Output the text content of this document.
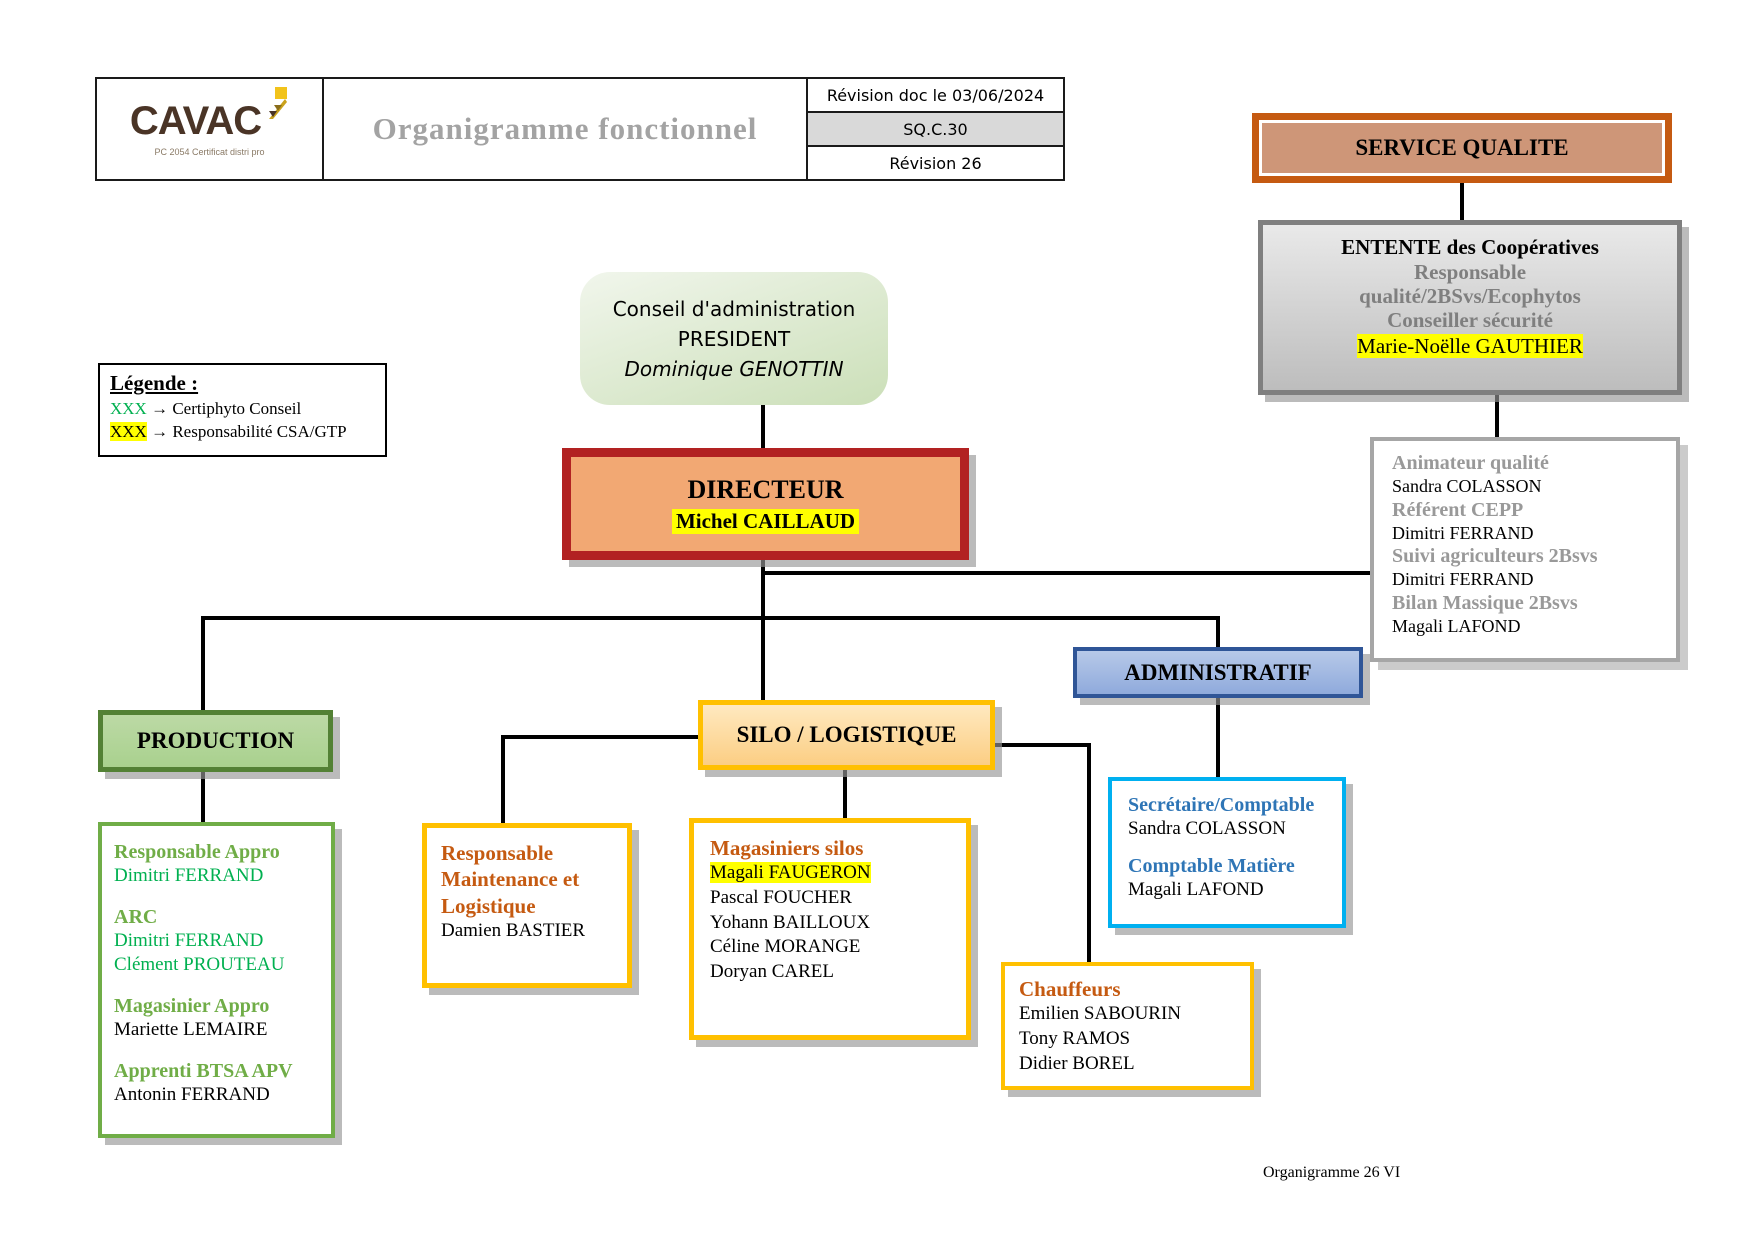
CAVAC
PC 2054 Certificat distri pro
Organigramme fonctionnel
Révision doc le 03/06/2024
SQ.C.30
Révision 26
Légende :
XXX → Certiphyto Conseil
XXX → Responsabilité CSA/GTP
SERVICE QUALITE
ENTENTE des Coopératives
Responsable qualité/2BSvs/Ecophytos
Conseiller sécurité
Marie-Noëlle GAUTHIER
Animateur qualité
Sandra COLASSON
Référent CEPP
Dimitri FERRAND
Suivi agriculteurs 2Bsvs
Dimitri FERRAND
Bilan Massique 2Bsvs
Magali LAFOND
Conseil d'administration
PRESIDENT
Dominique GENOTTIN
DIRECTEUR
Michel CAILLAUD
PRODUCTION
Responsable Appro
Dimitri FERRAND
ARC
Dimitri FERRAND
Clément PROUTEAU
Magasinier Appro
Mariette LEMAIRE
Apprenti BTSA APV
Antonin FERRAND
SILO / LOGISTIQUE
Responsable Maintenance et Logistique
Damien BASTIER
Magasiniers silos
Magali FAUGERON
Pascal FOUCHER
Yohann BAILLOUX
Céline MORANGE
Doryan CAREL
ADMINISTRATIF
Secrétaire/Comptable
Sandra COLASSON
Comptable Matière
Magali LAFOND
Chauffeurs
Emilien SABOURIN
Tony RAMOS
Didier BOREL
Organigramme 26 VI
